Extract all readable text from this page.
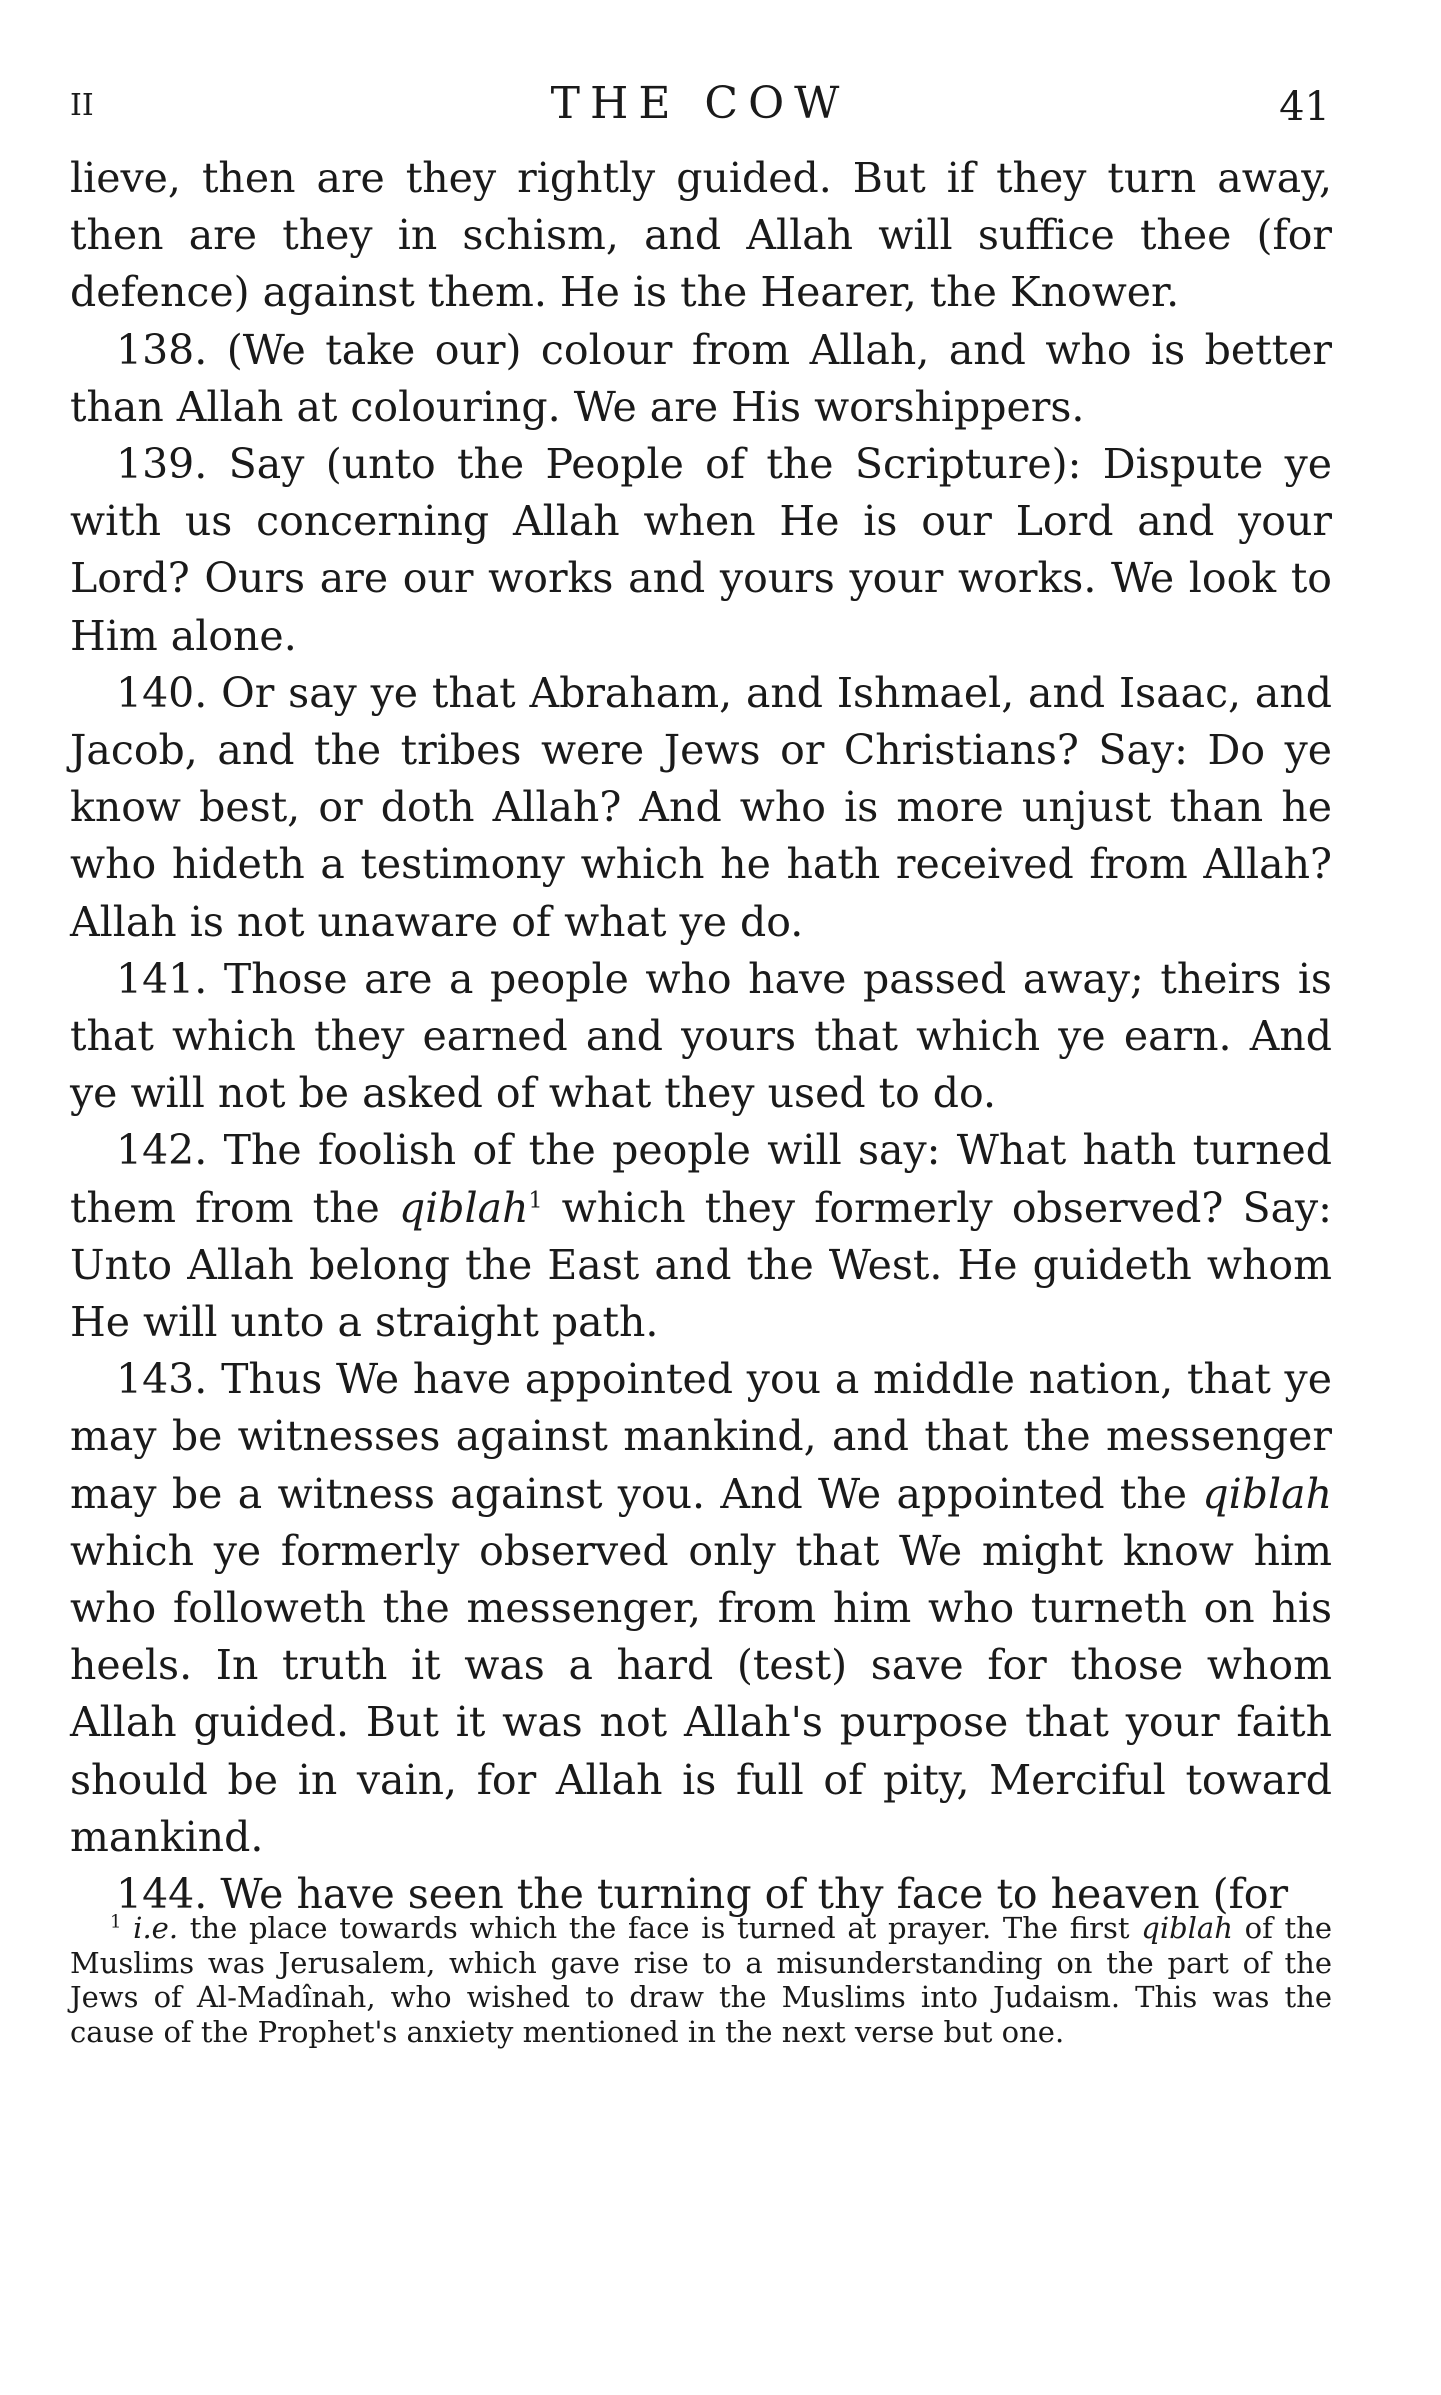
II	THE COW	41

lieve, then are they rightly guided. But if they turn away, then are they in schism, and Allah will suffice thee (for defence) against them. He is the Hearer, the Knower.

138. (We take our) colour from Allah, and who is better than Allah at colouring. We are His worshippers.

139. Say (unto the People of the Scripture): Dispute ye with us concerning Allah when He is our Lord and your Lord? Ours are our works and yours your works. We look to Him alone.

140. Or say ye that Abraham, and Ishmael, and Isaac, and Jacob, and the tribes were Jews or Christians? Say: Do ye know best, or doth Allah? And who is more unjust than he who hideth a testimony which he hath received from Allah? Allah is not unaware of what ye do.

141. Those are a people who have passed away; theirs is that which they earned and yours that which ye earn. And ye will not be asked of what they used to do.

142. The foolish of the people will say: What hath turned them from the qiblah$^1$ which they formerly observed? Say: Unto Allah belong the East and the West. He guideth whom He will unto a straight path.

143. Thus We have appointed you a middle nation, that ye may be witnesses against mankind, and that the messenger may be a witness against you. And We appointed the qiblah which ye formerly observed only that We might know him who followeth the messenger, from him who turneth on his heels. In truth it was a hard (test) save for those whom Allah guided. But it was not Allah's purpose that your faith should be in vain, for Allah is full of pity, Merciful toward mankind.

144. We have seen the turning of thy face to heaven (for

$^1$ i.e. the place towards which the face is turned at prayer. The first qiblah of the Muslims was Jerusalem, which gave rise to a misunderstanding on the part of the Jews of Al-Madînah, who wished to draw the Muslims into Judaism. This was the cause of the Prophet's anxiety mentioned in the next verse but one.
